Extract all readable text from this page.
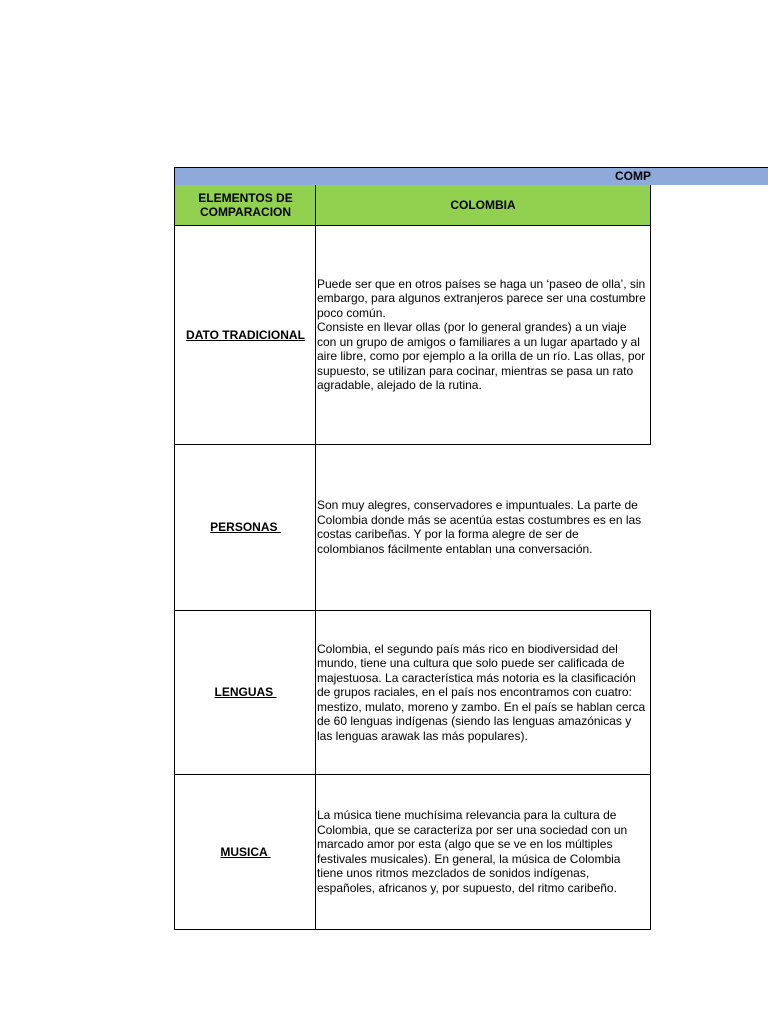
COMP
ELEMENTOS DE
COMPARACION	COLOMBIA
DATO TRADICIONAL
Puede ser que en otros países se haga un ‘paseo de olla’, sin embargo, para algunos extranjeros parece ser una costumbre poco común.
Consiste en llevar ollas (por lo general grandes) a un viaje con un grupo de amigos o familiares a un lugar apartado y al aire libre, como por ejemplo a la orilla de un río. Las ollas, por supuesto, se utilizan para cocinar, mientras se pasa un rato agradable, alejado de la rutina.
PERSONAS
Son muy alegres, conservadores e impuntuales. La parte de Colombia donde más se acentúa estas costumbres es en las costas caribeñas. Y por la forma alegre de ser de colombianos fácilmente entablan una conversación.
LENGUAS
Colombia, el segundo país más rico en biodiversidad del mundo, tiene una cultura que solo puede ser calificada de majestuosa. La característica más notoria es la clasificación de grupos raciales, en el país nos encontramos con cuatro: mestizo, mulato, moreno y zambo. En el país se hablan cerca de 60 lenguas indígenas (siendo las lenguas amazónicas y las lenguas arawak las más populares).
MUSICA
La música tiene muchísima relevancia para la cultura de Colombia, que se caracteriza por ser una sociedad con un marcado amor por esta (algo que se ve en los múltiples festivales musicales). En general, la música de Colombia tiene unos ritmos mezclados de sonidos indígenas, españoles, africanos y, por supuesto, del ritmo caribeño.
